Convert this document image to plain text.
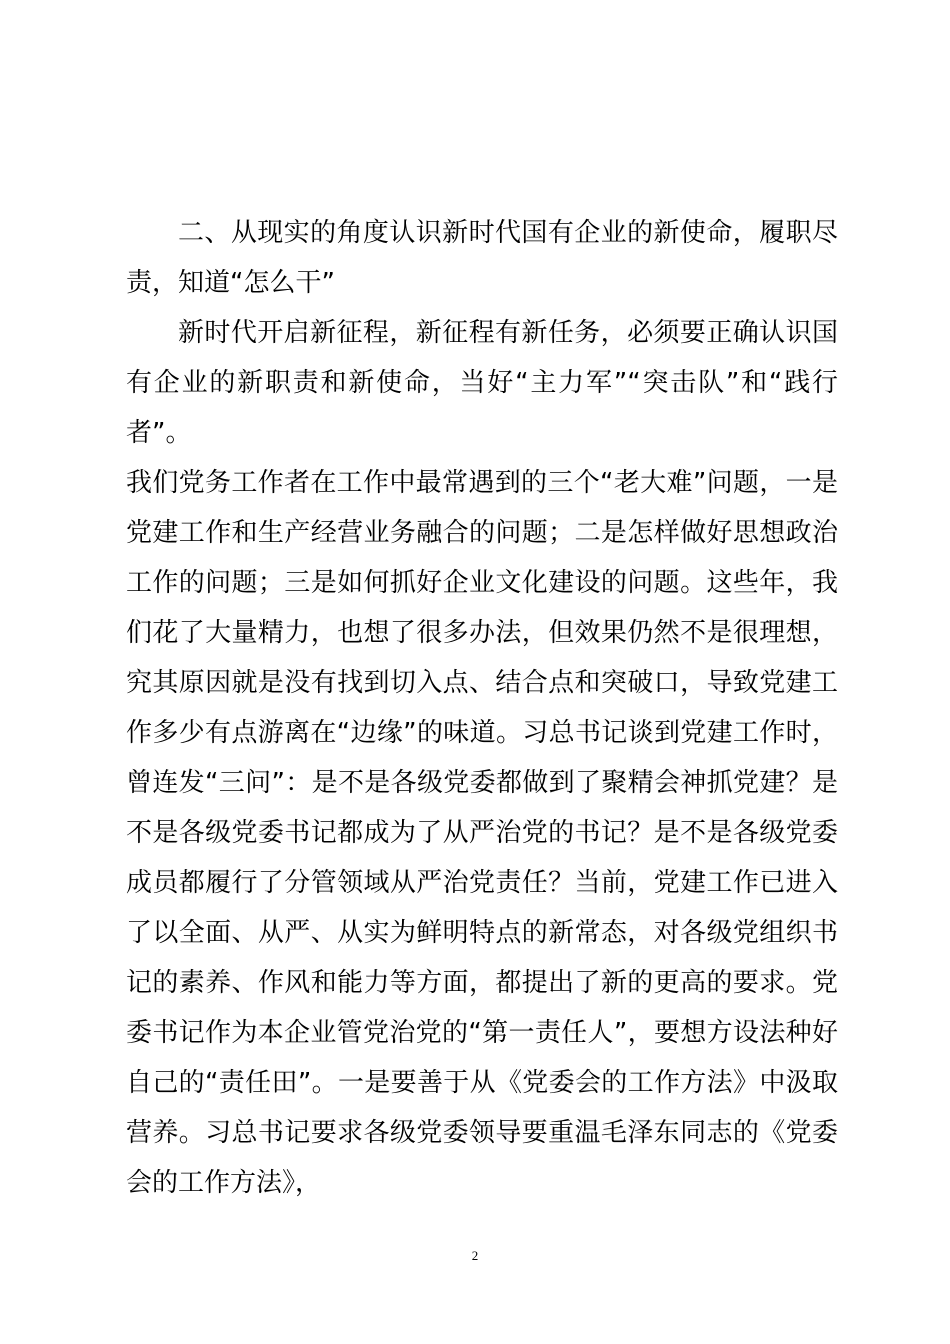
二、从现实的角度认识新时代国有企业的新使命，履职尽责，知道“怎么干”

新时代开启新征程，新征程有新任务，必须要正确认识国有企业的新职责和新使命，当好“主力军”“突击队”和“践行者”。

我们党务工作者在工作中最常遇到的三个“老大难”问题，一是党建工作和生产经营业务融合的问题；二是怎样做好思想政治工作的问题；三是如何抓好企业文化建设的问题。这些年，我们花了大量精力，也想了很多办法，但效果仍然不是很理想，究其原因就是没有找到切入点、结合点和突破口，导致党建工作多少有点游离在“边缘”的味道。习总书记谈到党建工作时，曾连发“三问”：是不是各级党委都做到了聚精会神抓党建？是不是各级党委书记都成为了从严治党的书记？是不是各级党委成员都履行了分管领域从严治党责任？当前，党建工作已进入了以全面、从严、从实为鲜明特点的新常态，对各级党组织书记的素养、作风和能力等方面，都提出了新的更高的要求。党委书记作为本企业管党治党的“第一责任人”，要想方设法种好自己的“责任田”。一是要善于从《党委会的工作方法》中汲取营养。习总书记要求各级党委领导要重温毛泽东同志的《党委会的工作方法》，

2
